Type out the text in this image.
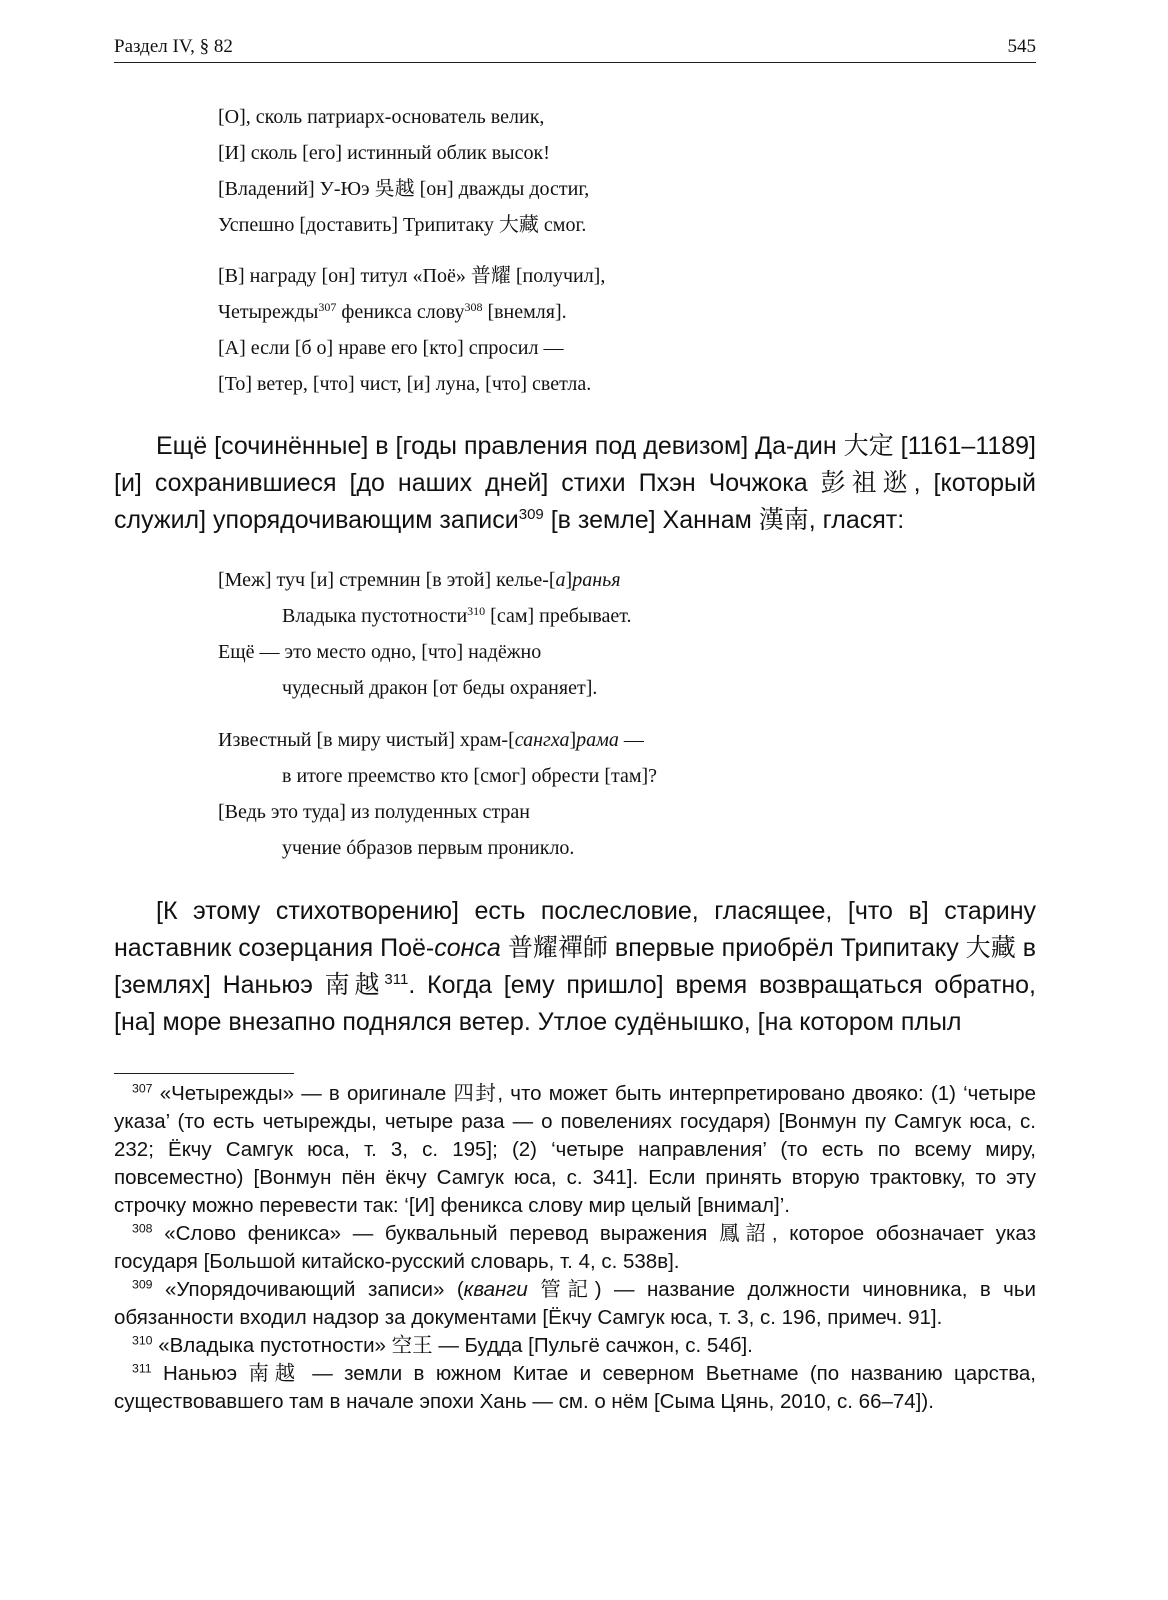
Раздел IV, § 82	545
[О], сколь патриарх-основатель велик,
[И] сколь [его] истинный облик высок!
[Владений] У-Юэ 吳越 [он] дважды достиг,
Успешно [доставить] Трипитаку 大藏 смог.
[В] награду [он] титул «Поё» 普耀 [получил],
Четырежды$^{307}$ феникса слову$^{308}$ [внемля].
[А] если [б о] нраве его [кто] спросил —
[То] ветер, [что] чист, [и] луна, [что] светла.
Ещё [сочинённые] в [годы правления под девизом] Да-дин 大定 [1161–1189] [и] сохранившиеся [до наших дней] стихи Пхэн Чочжока 彭祖逖, [который служил] упорядочивающим записи$^{309}$ [в земле] Ханнам 漢南, гласят:
[Меж] туч [и] стремнин [в этой] келье-[а]ранья
Владыка пустотности$^{310}$ [сам] пребывает.
Ещё — это место одно, [что] надёжно
чудесный дракон [от беды охраняет].
Известный [в миру чистый] храм-[сангха]рама —
в итоге преемство кто [смог] обрести [там]?
[Ведь это туда] из полуденных стран
учение óбразов первым проникло.
[К этому стихотворению] есть послесловие, гласящее, [что в] старину наставник созерцания Поё-сонса 普耀禪師 впервые приобрёл Трипитаку 大藏 в [землях] Наньюэ 南越$^{311}$. Когда [ему пришло] время возвращаться обратно, [на] море внезапно поднялся ветер. Утлое судёнышко, [на котором плыл

$^{307}$ «Четырежды» — в оригинале 四封, что может быть интерпретировано двояко: (1) ‘четыре указа’ (то есть четырежды, четыре раза — о повелениях государя) [Вонмун пу Самгук юса, с. 232; Ёкчу Самгук юса, т. 3, с. 195]; (2) ‘четыре направления’ (то есть по всему миру, повсеместно) [Вонмун пён ёкчу Самгук юса, с. 341]. Если принять вторую трактовку, то эту строчку можно перевести так: ‘[И] феникса слову мир целый [внимал]’.

$^{308}$ «Слово феникса» — буквальный перевод выражения 鳳詔, которое обозначает указ государя [Большой китайско-русский словарь, т. 4, с. 538в].

$^{309}$ «Упорядочивающий записи» (кванги 管記) — название должности чиновника, в чьи обязанности входил надзор за документами [Ёкчу Самгук юса, т. 3, с. 196, примеч. 91].

$^{310}$ «Владыка пустотности» 空王 — Будда [Пульгё сачжон, с. 54б].

$^{311}$ Наньюэ 南越 — земли в южном Китае и северном Вьетнаме (по названию царства, существовавшего там в начале эпохи Хань — см. о нём [Сыма Цянь, 2010, с. 66–74]).
